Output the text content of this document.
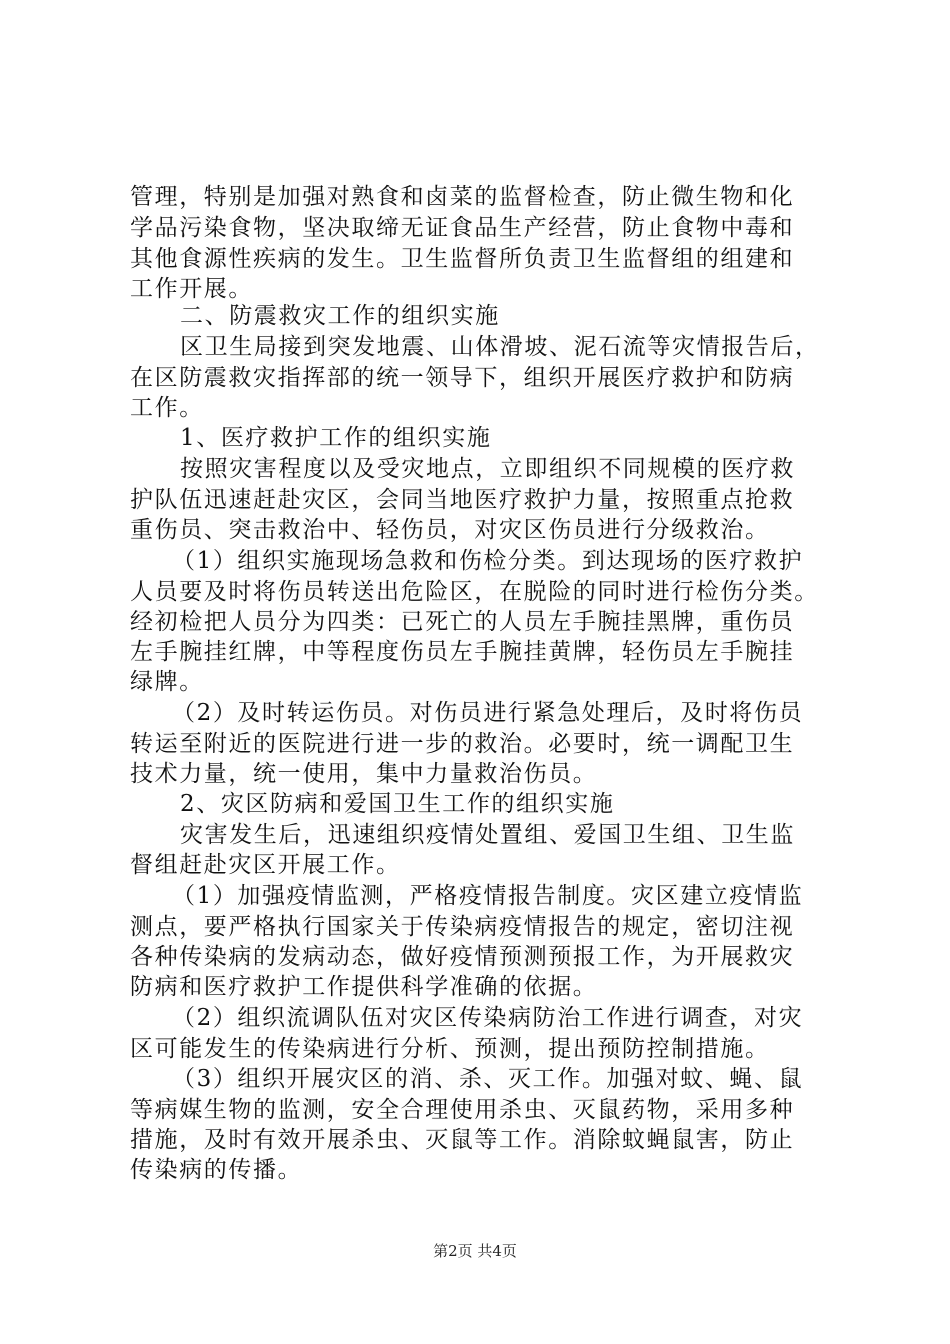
管理，特别是加强对熟食和卤菜的监督检查，防止微生物和化
学品污染食物，坚决取缔无证食品生产经营，防止食物中毒和
其他食源性疾病的发生。卫生监督所负责卫生监督组的组建和
工作开展。
二、防震救灾工作的组织实施
区卫生局接到突发地震、山体滑坡、泥石流等灾情报告后，
在区防震救灾指挥部的统一领导下，组织开展医疗救护和防病
工作。
1、医疗救护工作的组织实施
按照灾害程度以及受灾地点，立即组织不同规模的医疗救
护队伍迅速赶赴灾区，会同当地医疗救护力量，按照重点抢救
重伤员、突击救治中、轻伤员，对灾区伤员进行分级救治。
（1）组织实施现场急救和伤检分类。到达现场的医疗救护
人员要及时将伤员转送出危险区，在脱险的同时进行检伤分类。
经初检把人员分为四类：已死亡的人员左手腕挂黑牌，重伤员
左手腕挂红牌，中等程度伤员左手腕挂黄牌，轻伤员左手腕挂
绿牌。
（2）及时转运伤员。对伤员进行紧急处理后，及时将伤员
转运至附近的医院进行进一步的救治。必要时，统一调配卫生
技术力量，统一使用，集中力量救治伤员。
2、灾区防病和爱国卫生工作的组织实施
灾害发生后，迅速组织疫情处置组、爱国卫生组、卫生监
督组赶赴灾区开展工作。
（1）加强疫情监测，严格疫情报告制度。灾区建立疫情监
测点，要严格执行国家关于传染病疫情报告的规定，密切注视
各种传染病的发病动态，做好疫情预测预报工作，为开展救灾
防病和医疗救护工作提供科学准确的依据。
（2）组织流调队伍对灾区传染病防治工作进行调查，对灾
区可能发生的传染病进行分析、预测，提出预防控制措施。
（3）组织开展灾区的消、杀、灭工作。加强对蚊、蝇、鼠
等病媒生物的监测，安全合理使用杀虫、灭鼠药物，采用多种
措施，及时有效开展杀虫、灭鼠等工作。消除蚊蝇鼠害，防止
传染病的传播。
第2页 共4页
